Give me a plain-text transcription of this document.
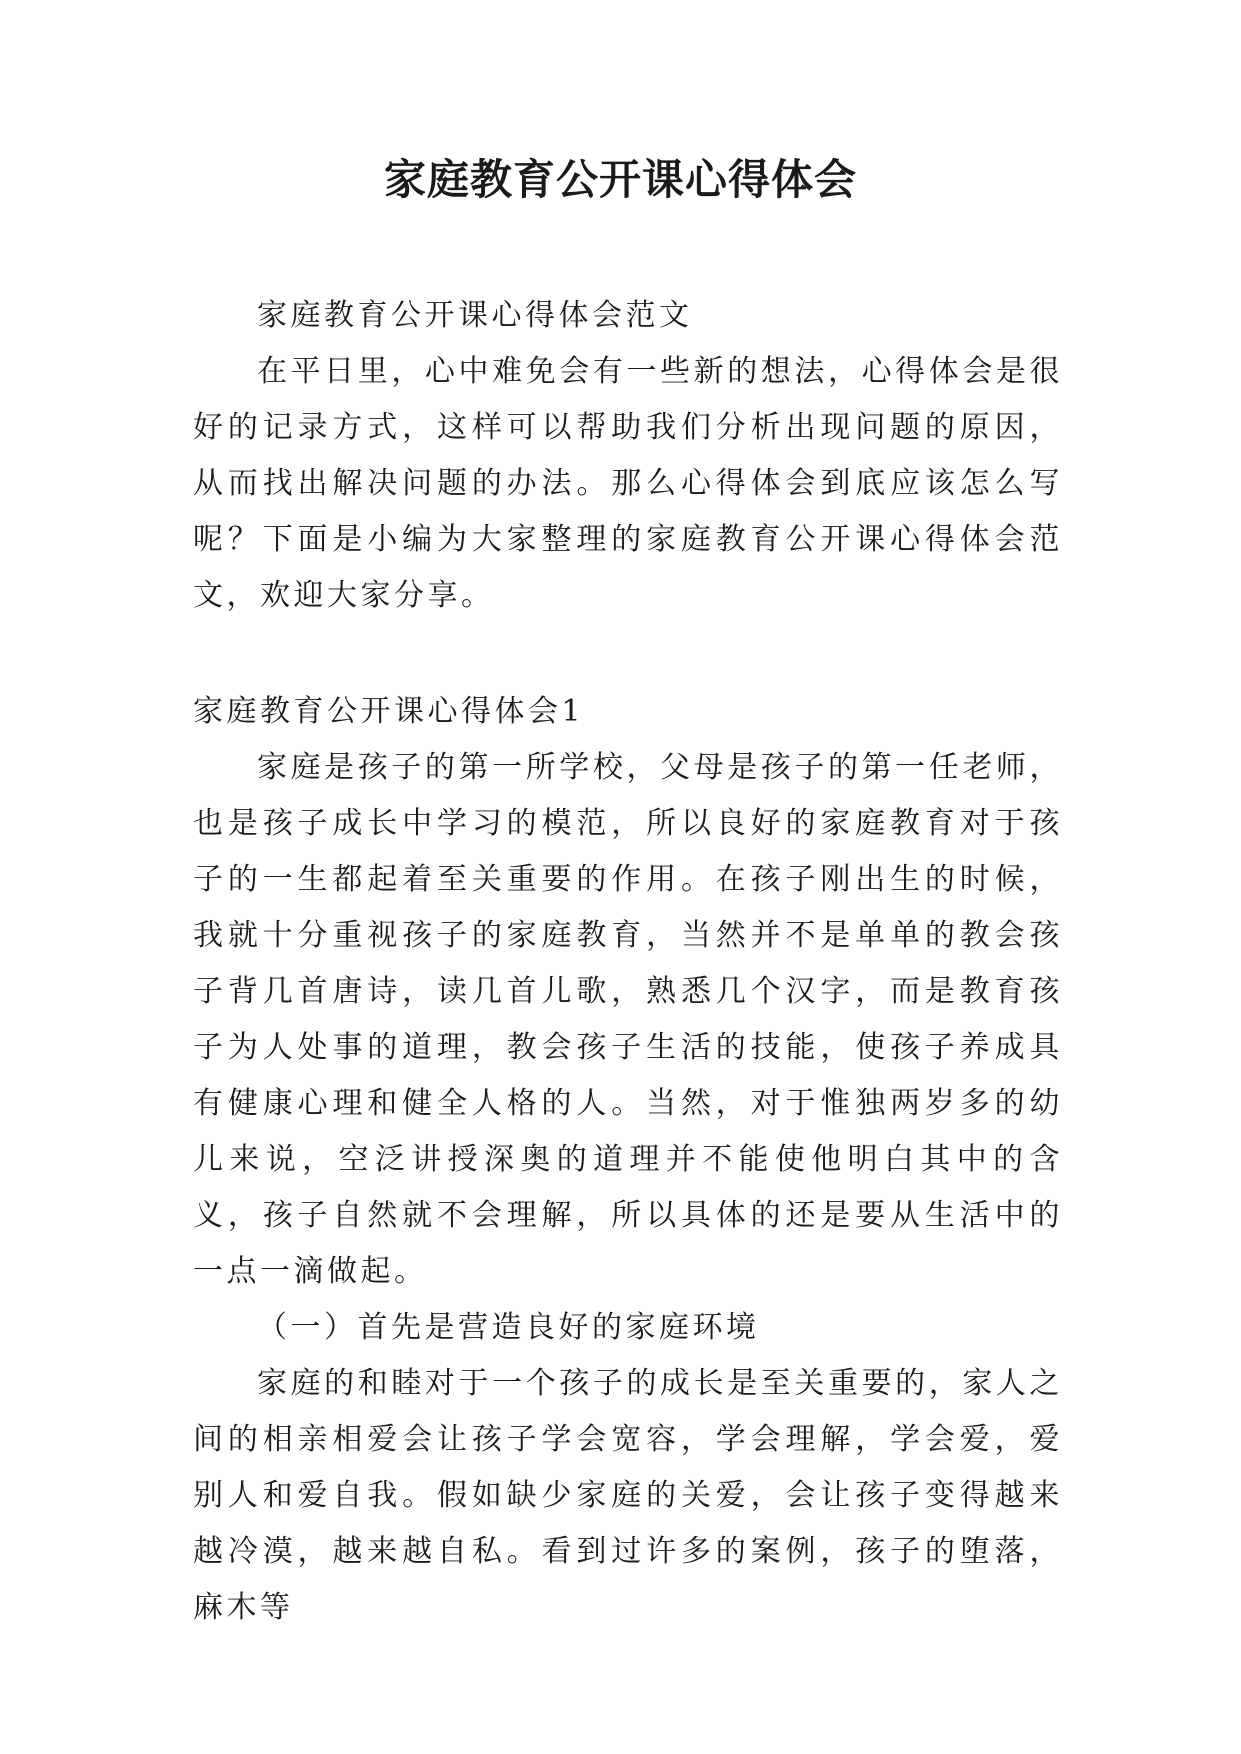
家庭教育公开课心得体会

家庭教育公开课心得体会范文

在平日里，心中难免会有一些新的想法，心得体会是很好的记录方式，这样可以帮助我们分析出现问题的原因，从而找出解决问题的办法。那么心得体会到底应该怎么写呢？下面是小编为大家整理的家庭教育公开课心得体会范文，欢迎大家分享。

家庭教育公开课心得体会1

家庭是孩子的第一所学校，父母是孩子的第一任老师，也是孩子成长中学习的模范，所以良好的家庭教育对于孩子的一生都起着至关重要的作用。在孩子刚出生的时候，我就十分重视孩子的家庭教育，当然并不是单单的教会孩子背几首唐诗，读几首儿歌，熟悉几个汉字，而是教育孩子为人处事的道理，教会孩子生活的技能，使孩子养成具有健康心理和健全人格的人。当然，对于惟独两岁多的幼儿来说，空泛讲授深奥的道理并不能使他明白其中的含义，孩子自然就不会理解，所以具体的还是要从生活中的一点一滴做起。

（一）首先是营造良好的家庭环境

家庭的和睦对于一个孩子的成长是至关重要的，家人之间的相亲相爱会让孩子学会宽容，学会理解，学会爱，爱别人和爱自我。假如缺少家庭的关爱，会让孩子变得越来越冷漠，越来越自私。看到过许多的案例，孩子的堕落，麻木等
